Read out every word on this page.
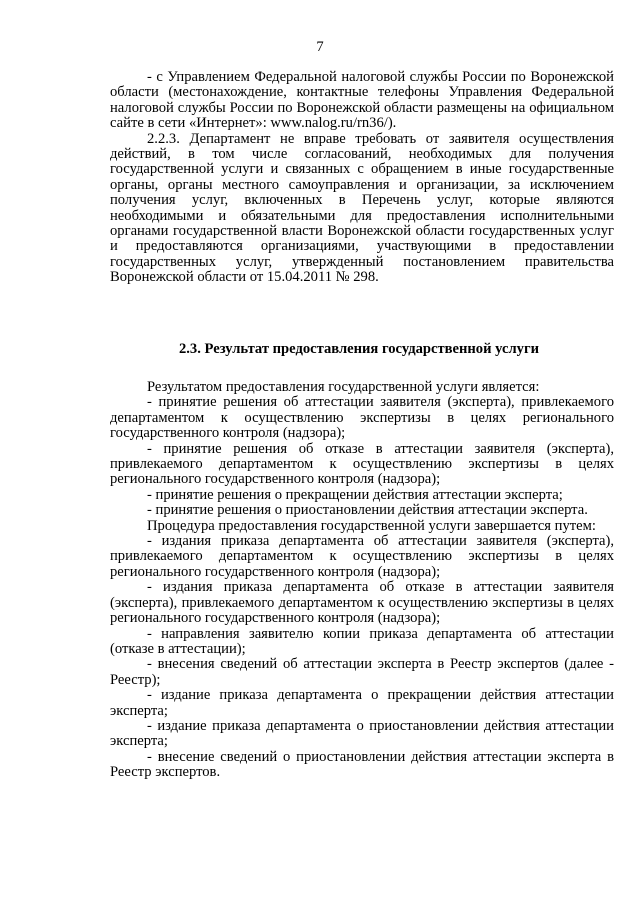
7
- с Управлением Федеральной налоговой службы России по Воронежской области (местонахождение, контактные телефоны Управления Федеральной налоговой службы России по Воронежской области размещены на официальном сайте в сети «Интернет»: www.nalog.ru/rn36/).
2.2.3. Департамент не вправе требовать от заявителя осуществления действий, в том числе согласований, необходимых для получения государственной услуги и связанных с обращением в иные государственные органы, органы местного самоуправления и организации, за исключением получения услуг, включенных в Перечень услуг, которые являются необходимыми и обязательными для предоставления исполнительными органами государственной власти Воронежской области государственных услуг и предоставляются организациями, участвующими в предоставлении государственных услуг, утвержденный постановлением правительства Воронежской области от 15.04.2011 № 298.
2.3. Результат предоставления государственной услуги
Результатом предоставления государственной услуги является:
- принятие решения об аттестации заявителя (эксперта), привлекаемого департаментом к осуществлению экспертизы в целях регионального государственного контроля (надзора);
- принятие решения об отказе в аттестации заявителя (эксперта), привлекаемого департаментом к осуществлению экспертизы в целях регионального государственного контроля (надзора);
- принятие решения о прекращении действия аттестации эксперта;
- принятие решения о приостановлении действия аттестации эксперта.
Процедура предоставления государственной услуги завершается путем:
- издания приказа департамента об аттестации заявителя (эксперта), привлекаемого департаментом к осуществлению экспертизы в целях регионального государственного контроля (надзора);
- издания приказа департамента об отказе в аттестации заявителя (эксперта), привлекаемого департаментом к осуществлению экспертизы в целях регионального государственного контроля (надзора);
- направления заявителю копии приказа департамента об аттестации (отказе в аттестации);
- внесения сведений об аттестации эксперта в Реестр экспертов (далее - Реестр);
- издание приказа департамента о прекращении действия аттестации эксперта;
- издание приказа департамента о приостановлении действия аттестации эксперта;
- внесение сведений о приостановлении действия аттестации эксперта в Реестр экспертов.
